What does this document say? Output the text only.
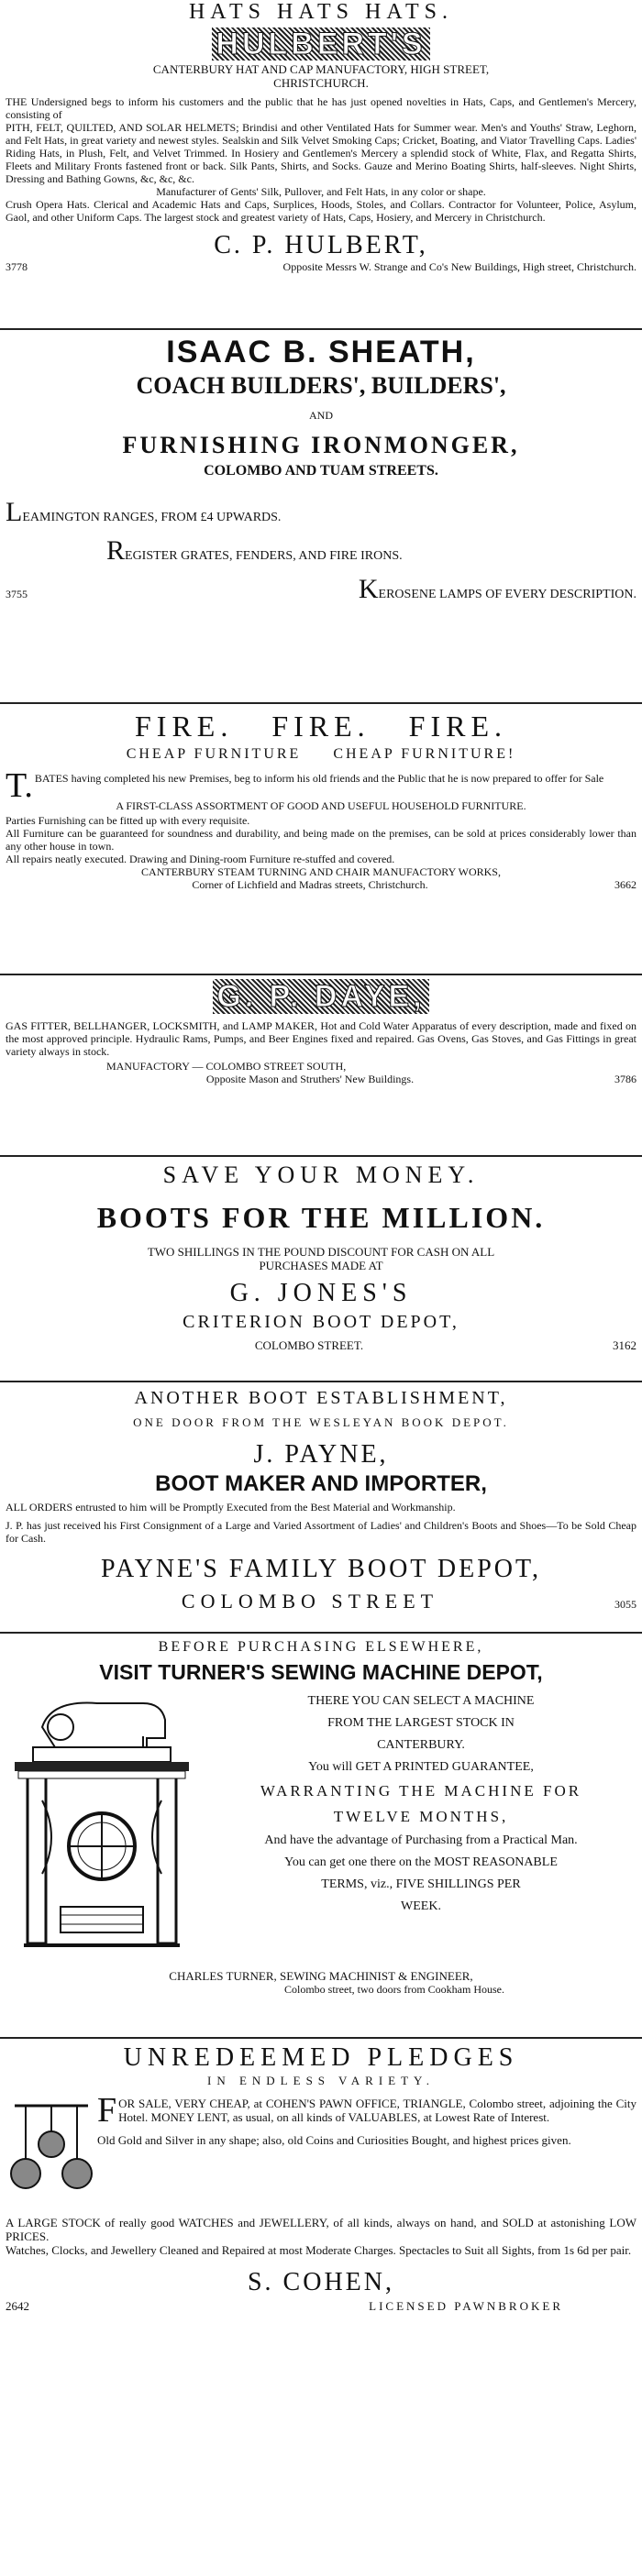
HATS HATS HATS.
HULBERT'S
CANTERBURY HAT AND CAP MANUFACTORY, HIGH STREET,
CHRISTCHURCH.
THE Undersigned begs to inform his customers and the public that he has just opened novelties in Hats, Caps, and Gentlemen's Mercery, consisting of
PITH, FELT, QUILTED, AND SOLAR HELMETS; Brindisi and other Ventilated Hats for Summer wear. Men's and Youths' Straw, Leghorn, and Felt Hats, in great variety and newest styles. Sealskin and Silk Velvet Smoking Caps; Cricket, Boating, and Viator Travelling Caps. Ladies' Riding Hats, in Plush, Felt, and Velvet Trimmed. In Hosiery and Gentlemen's Mercery a splendid stock of White, Flax, and Regatta Shirts, Fleets and Military Fronts fastened front or back. Silk Pants, Shirts, and Socks. Gauze and Merino Boating Shirts, half-sleeves. Night Shirts, Dressing and Bathing Gowns, &c, &c, &c.
Manufacturer of Gents' Silk, Pullover, and Felt Hats, in any color or shape.
Crush Opera Hats. Clerical and Academic Hats and Caps, Surplices, Hoods, Stoles, and Collars. Contractor for Volunteer, Police, Asylum, Gaol, and other Uniform Caps. The largest stock and greatest variety of Hats, Caps, Hosiery, and Mercery in Christchurch.
C. P. HULBERT,
3778	Opposite Messrs W. Strange and Co's New Buildings, High street, Christchurch.
ISAAC B. SHEATH,
COACH BUILDERS', BUILDERS',
AND
FURNISHING IRONMONGER,
COLOMBO AND TUAM STREETS.
LEAMINGTON RANGES, FROM £4 UPWARDS.
REGISTER GRATES, FENDERS, AND FIRE IRONS.
3755	KEROSENE LAMPS OF EVERY DESCRIPTION.
FIRE.   FIRE.   FIRE.
CHEAP FURNITURE     CHEAP FURNITURE!
T. BATES having completed his new Premises, beg to inform his old friends and the Public that he is now prepared to offer for Sale
A FIRST-CLASS ASSORTMENT OF GOOD AND USEFUL HOUSEHOLD FURNITURE.
Parties Furnishing can be fitted up with every requisite.
All Furniture can be guaranteed for soundness and durability, and being made on the premises, can be sold at prices considerably lower than any other house in town.
All repairs neatly executed. Drawing and Dining-room Furniture re-stuffed and covered.
CANTERBURY STEAM TURNING AND CHAIR MANUFACTORY WORKS,
Corner of Lichfield and Madras streets, Christchurch.	3662
G. P. DAYE,
GAS FITTER, BELLHANGER, LOCKSMITH, and LAMP MAKER, Hot and Cold Water Apparatus of every description, made and fixed on the most approved principle. Hydraulic Rams, Pumps, and Beer Engines fixed and repaired. Gas Ovens, Gas Stoves, and Gas Fittings in great variety always in stock.
MANUFACTORY — COLOMBO STREET SOUTH,
Opposite Mason and Struthers' New Buildings.	3786
SAVE YOUR MONEY.
BOOTS FOR THE MILLION.
TWO SHILLINGS IN THE POUND DISCOUNT FOR CASH ON ALL
PURCHASES MADE AT
G. JONES'S
CRITERION BOOT DEPOT,
COLOMBO STREET.	3162
ANOTHER BOOT ESTABLISHMENT,
ONE DOOR FROM THE WESLEYAN BOOK DEPOT.
J. PAYNE,
BOOT MAKER AND IMPORTER,
ALL ORDERS entrusted to him will be Promptly Executed from the Best Material and Workmanship.
J. P. has just received his First Consignment of a Large and Varied Assortment of Ladies' and Children's Boots and Shoes—To be Sold Cheap for Cash.
PAYNE'S FAMILY BOOT DEPOT,
COLOMBO STREET	3055
BEFORE PURCHASING ELSEWHERE,
VISIT TURNER'S SEWING MACHINE DEPOT,
THERE YOU CAN SELECT A MACHINE
FROM THE LARGEST STOCK IN
CANTERBURY.
You will GET A PRINTED GUARANTEE,
WARRANTING THE MACHINE FOR
TWELVE MONTHS,
And have the advantage of Purchasing from a Practical Man.
You can get one there on the MOST REASONABLE
TERMS, viz., FIVE SHILLINGS PER
WEEK.
CHARLES TURNER, SEWING MACHINIST & ENGINEER,
Colombo street, two doors from Cookham House.
UNREDEEMED PLEDGES
IN ENDLESS VARIETY.
FOR SALE, VERY CHEAP, at COHEN'S PAWN OFFICE, TRIANGLE, Colombo street, adjoining the City Hotel. MONEY LENT, as usual, on all kinds of VALUABLES, at Lowest Rate of Interest.
Old Gold and Silver in any shape; also, old Coins and Curiosities Bought, and highest prices given.
A LARGE STOCK of really good WATCHES and JEWELLERY, of all kinds, always on hand, and SOLD at astonishing LOW PRICES.
Watches, Clocks, and Jewellery Cleaned and Repaired at most Moderate Charges. Spectacles to Suit all Sights, from 1s 6d per pair.
S. COHEN,
2642	LICENSED PAWNBROKER
